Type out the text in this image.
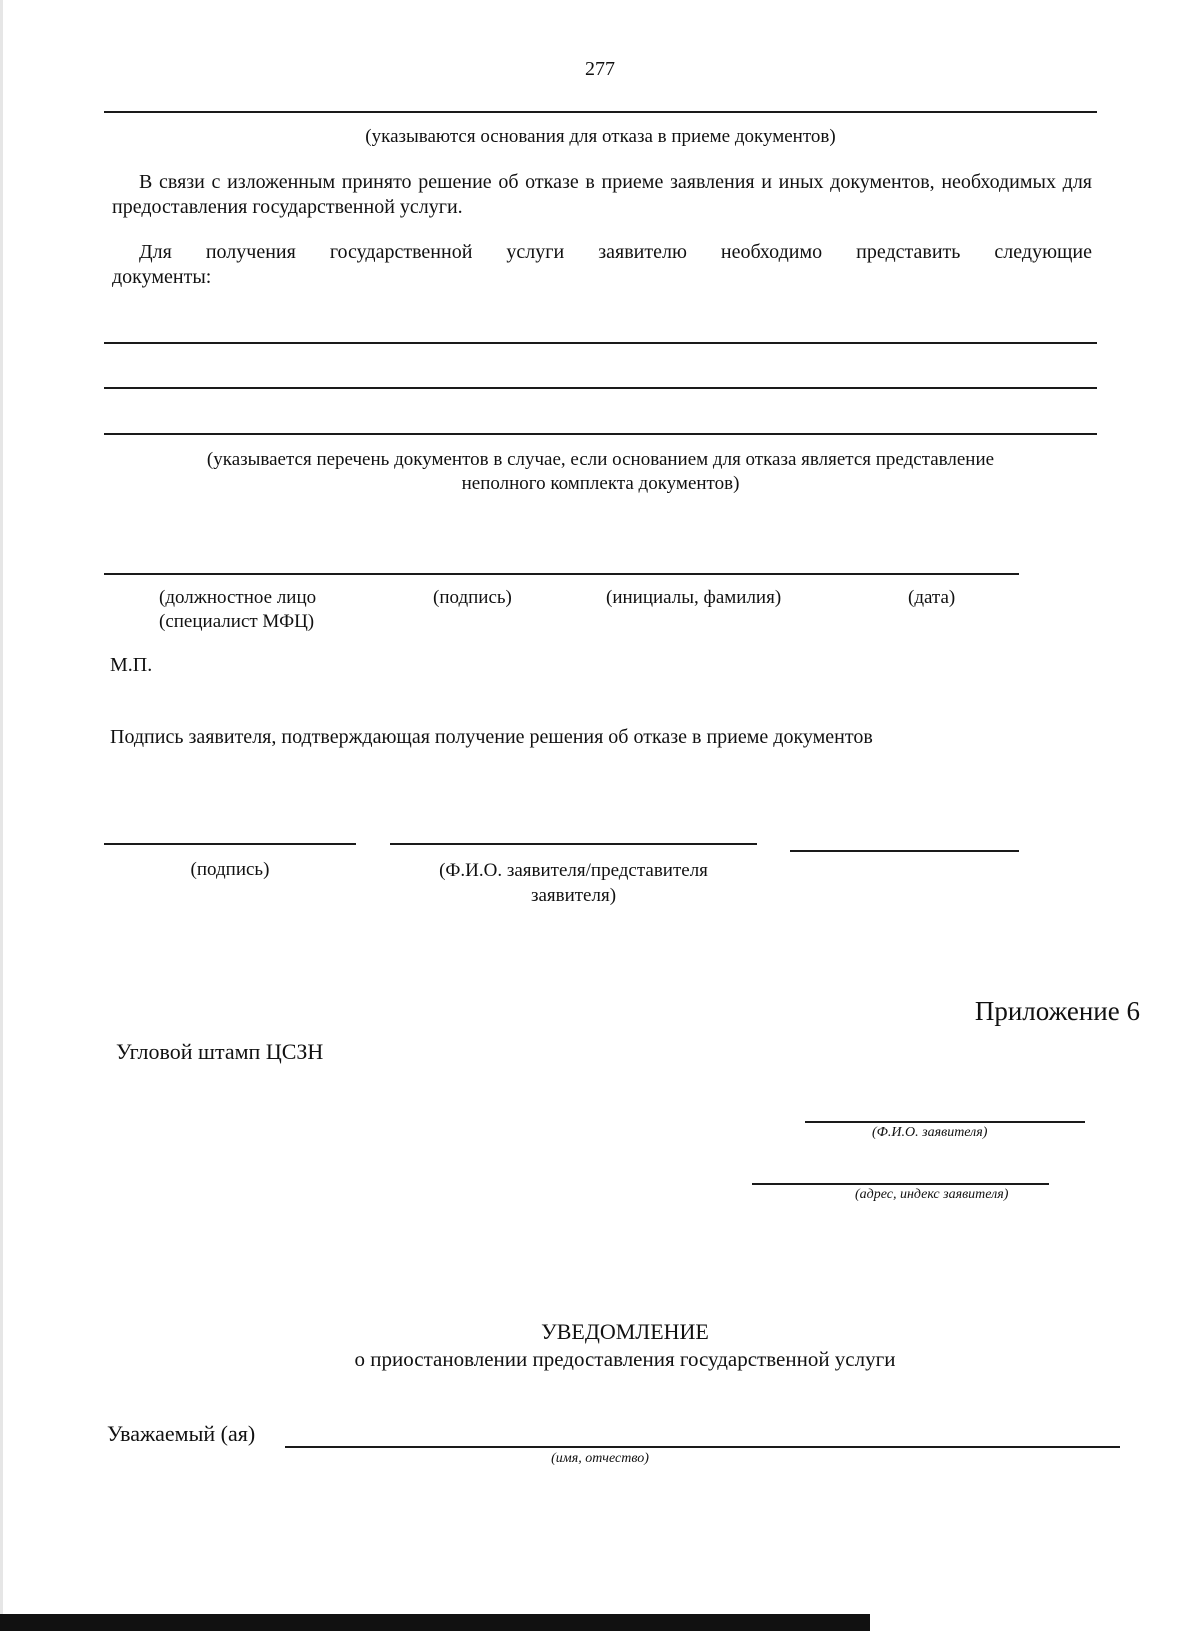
277
(указываются основания для отказа в приеме документов)
В связи с изложенным принято решение об отказе в приеме заявления и иных документов, необходимых для предоставления государственной услуги.
Для получения государственной услуги заявителю необходимо представить следующие
документы:
(указывается перечень документов в случае, если основанием для отказа является представление
неполного комплекта документов)
(должностное лицо
(специалист МФЦ)
(подпись)	(инициалы, фамилия)	(дата)
М.П.
Подпись заявителя, подтверждающая получение решения об отказе в приеме документов
(подпись)	(Ф.И.О. заявителя/представителя
заявителя)
Приложение 6
Угловой штамп ЦСЗН
(Ф.И.О. заявителя)
(адрес, индекс заявителя)
УВЕДОМЛЕНИЕ
о приостановлении предоставления государственной услуги
Уважаемый (ая)
(имя, отчество)
